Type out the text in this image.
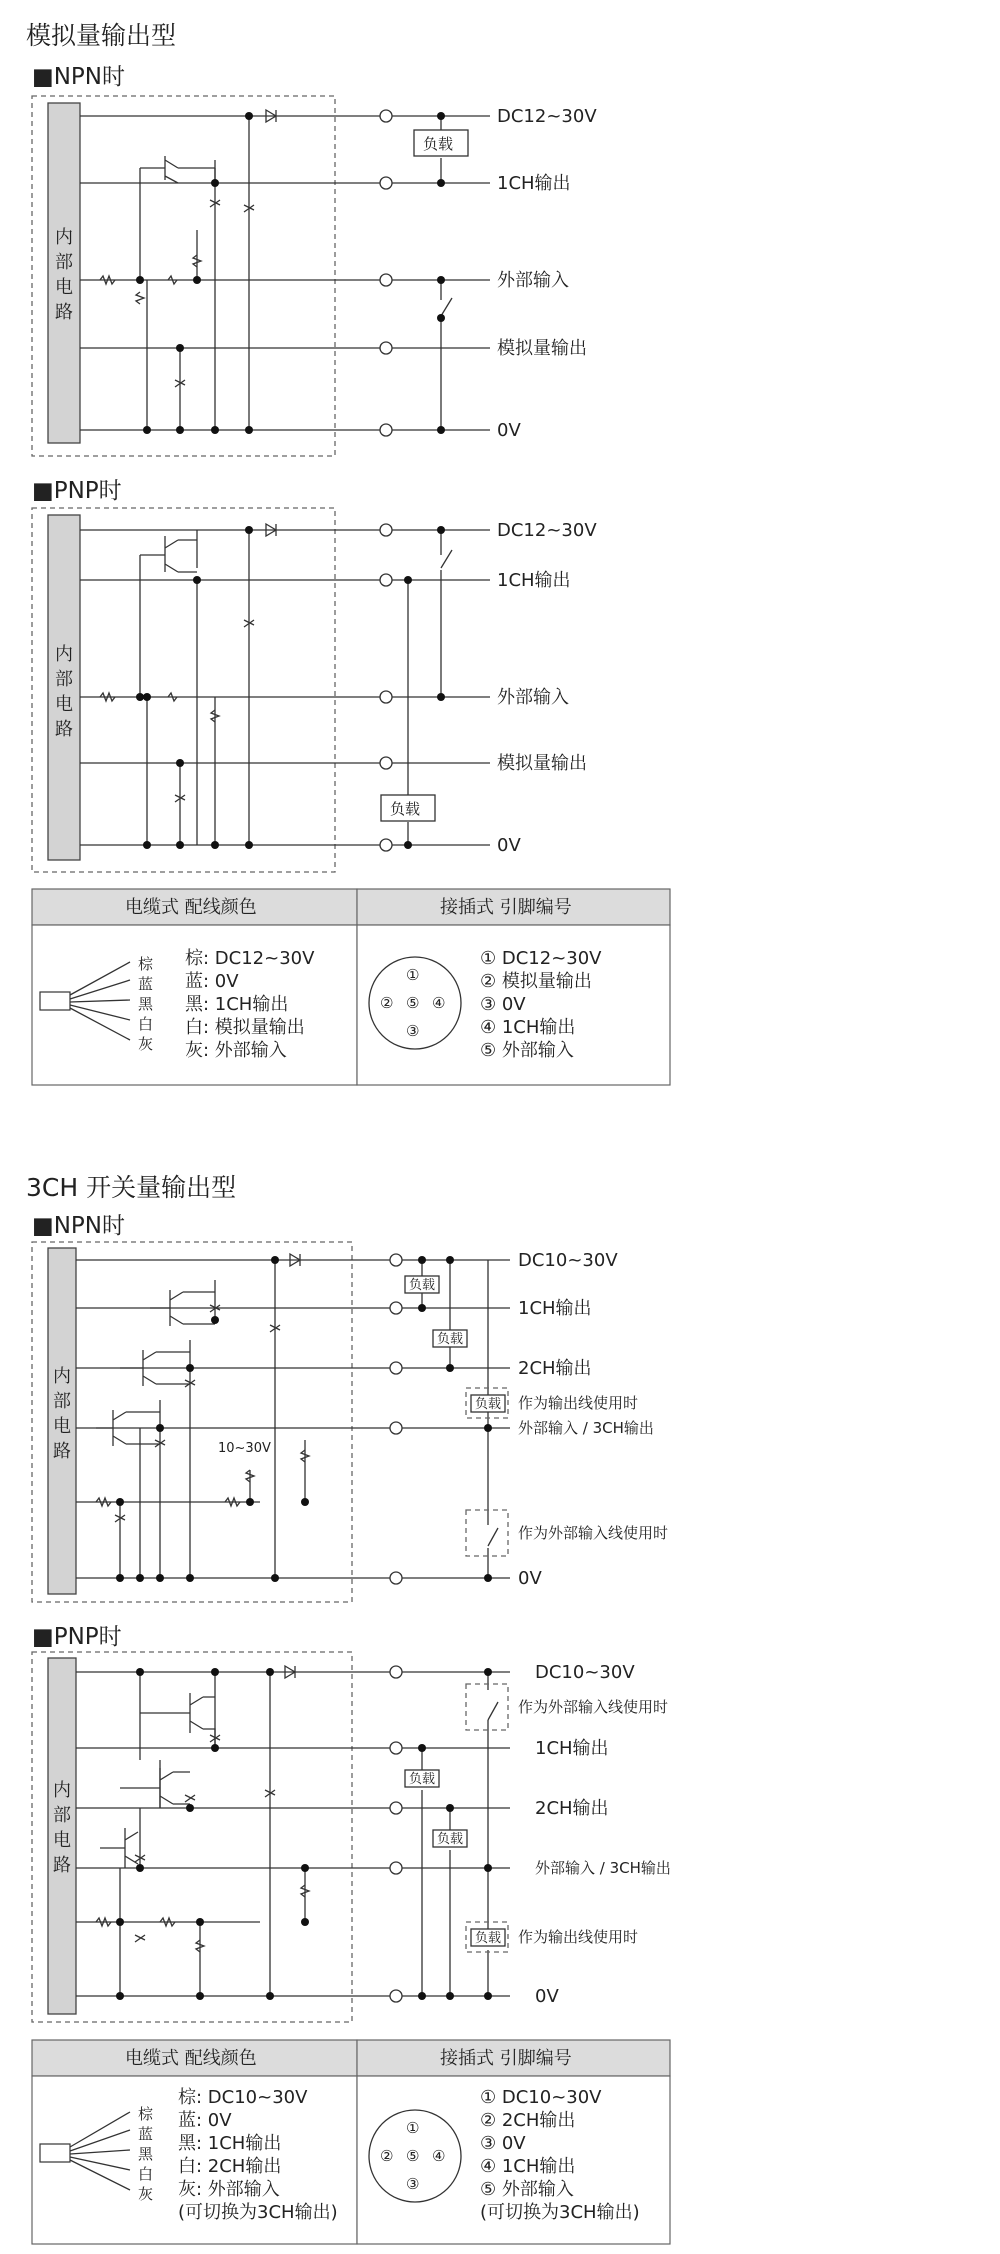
模拟量输出型
■NPN时
内
部
电
路
负载
DC12~30V
1CH输出
外部输入
模拟量输出
0V
■PNP时
内
部
电
路
负载
DC12~30V
1CH输出
外部输入
模拟量输出
0V
电缆式 配线颜色	接插式 引脚编号
棕
蓝
黑
白
灰
棕: DC12~30V
蓝: 0V
黑: 1CH输出
白: 模拟量输出
灰: 外部输入
①
② ⑤ ④
③
① DC12~30V
② 模拟量输出
③ 0V
④ 1CH输出
⑤ 外部输入
3CH 开关量输出型
■NPN时
内
部
电
路	10~30V
负载
负载
负载 作为输出线使用时
作为外部输入线使用时
DC10~30V
1CH输出
2CH输出
外部输入 / 3CH输出
0V
■PNP时
内
部
电
路
作为外部输入线使用时
负载
负载
负载 作为输出线使用时
DC10~30V
1CH输出
2CH输出
外部输入 / 3CH输出
0V
电缆式 配线颜色	接插式 引脚编号
棕
蓝
黑
白
灰
棕: DC10~30V
蓝: 0V
黑: 1CH输出
白: 2CH输出
灰: 外部输入
(可切换为3CH输出)
①
② ⑤ ④
③
① DC10~30V
② 2CH输出
③ 0V
④ 1CH输出
⑤ 外部输入
(可切换为3CH输出)
